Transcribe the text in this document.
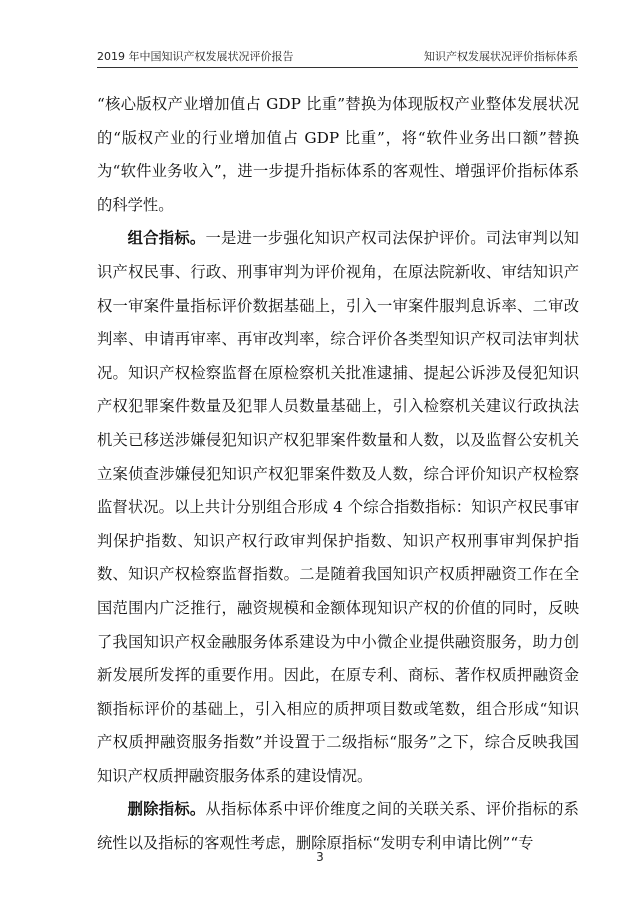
2019 年中国知识产权发展状况评价报告	知识产权发展状况评价指标体系

“核心版权产业增加值占 GDP 比重”替换为体现版权产业整体发展状况的“版权产业的行业增加值占 GDP 比重”，将“软件业务出口额”替换为“软件业务收入”，进一步提升指标体系的客观性、增强评价指标体系的科学性。

组合指标。一是进一步强化知识产权司法保护评价。司法审判以知识产权民事、行政、刑事审判为评价视角，在原法院新收、审结知识产权一审案件量指标评价数据基础上，引入一审案件服判息诉率、二审改判率、申请再审率、再审改判率，综合评价各类型知识产权司法审判状况。知识产权检察监督在原检察机关批准逮捕、提起公诉涉及侵犯知识产权犯罪案件数量及犯罪人员数量基础上，引入检察机关建议行政执法机关已移送涉嫌侵犯知识产权犯罪案件数量和人数，以及监督公安机关立案侦查涉嫌侵犯知识产权犯罪案件数及人数，综合评价知识产权检察监督状况。以上共计分别组合形成 4 个综合指数指标：知识产权民事审判保护指数、知识产权行政审判保护指数、知识产权刑事审判保护指数、知识产权检察监督指数。二是随着我国知识产权质押融资工作在全国范围内广泛推行，融资规模和金额体现知识产权的价值的同时，反映了我国知识产权金融服务体系建设为中小微企业提供融资服务，助力创新发展所发挥的重要作用。因此，在原专利、商标、著作权质押融资金额指标评价的基础上，引入相应的质押项目数或笔数，组合形成“知识产权质押融资服务指数”并设置于二级指标“服务”之下，综合反映我国知识产权质押融资服务体系的建设情况。

删除指标。从指标体系中评价维度之间的关联关系、评价指标的系统性以及指标的客观性考虑，删除原指标“发明专利申请比例”“专

3
